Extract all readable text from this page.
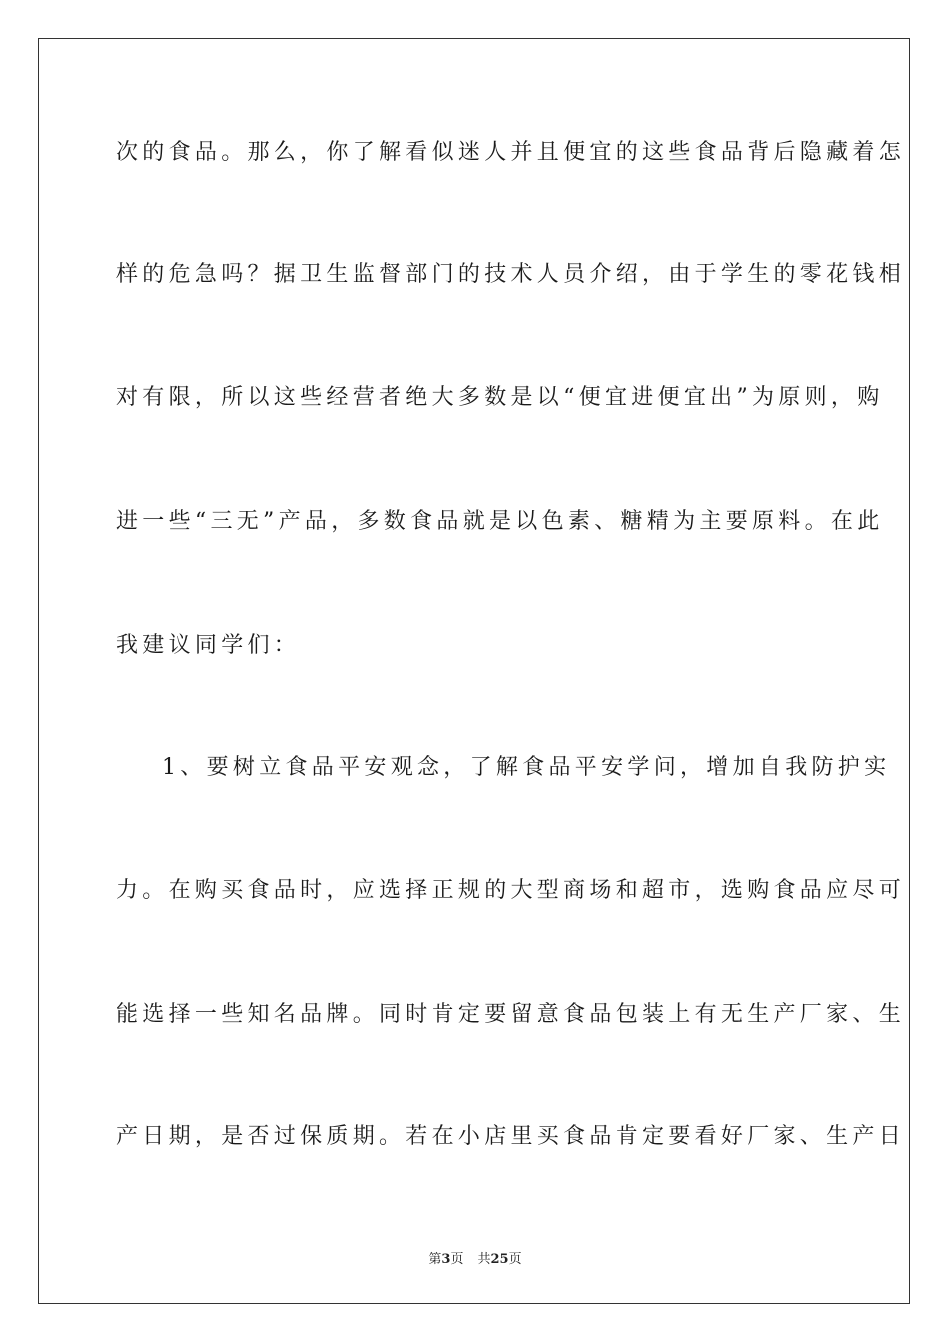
次的食品。那么，你了解看似迷人并且便宜的这些食品背后隐藏着怎
样的危急吗？据卫生监督部门的技术人员介绍，由于学生的零花钱相
对有限，所以这些经营者绝大多数是以“便宜进便宜出”为原则，购
进一些“三无”产品，多数食品就是以色素、糖精为主要原料。在此
我建议同学们：
1、要树立食品平安观念，了解食品平安学问，增加自我防护实
力。在购买食品时，应选择正规的大型商场和超市，选购食品应尽可
能选择一些知名品牌。同时肯定要留意食品包装上有无生产厂家、生
产日期，是否过保质期。若在小店里买食品肯定要看好厂家、生产日
第3页 共25页
